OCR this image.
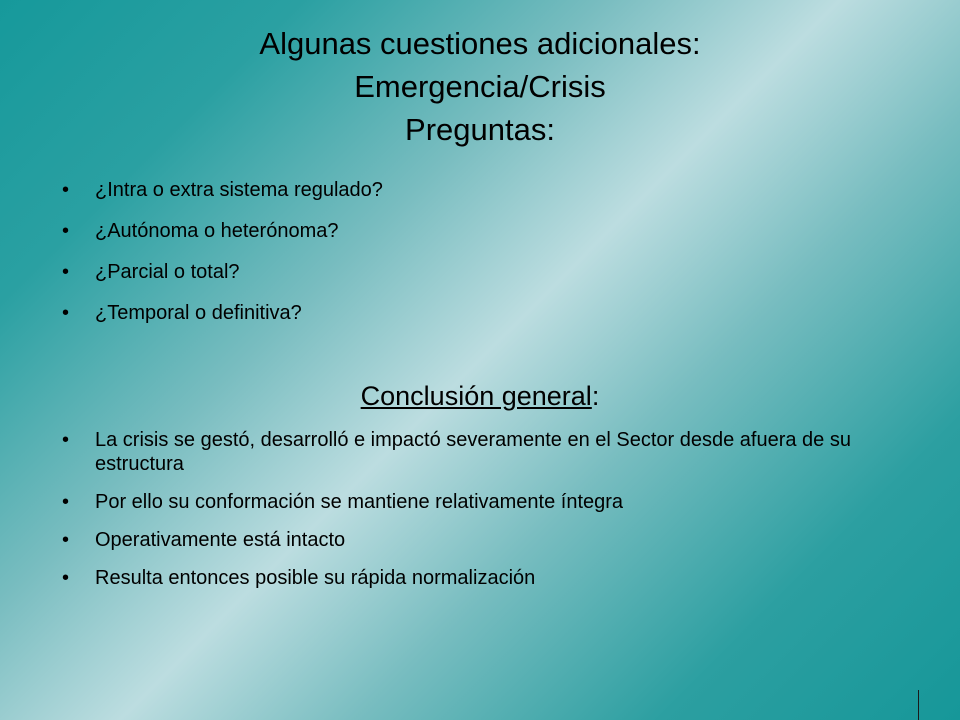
Algunas cuestiones adicionales:
Emergencia/Crisis
Preguntas:
• ¿Intra o extra sistema regulado?
• ¿Autónoma o heterónoma?
• ¿Parcial o total?
• ¿Temporal o definitiva?
Conclusión general:
• La crisis se gestó, desarrolló e impactó severamente en el Sector desde afuera de su estructura
• Por ello su conformación se mantiene relativamente íntegra
• Operativamente está intacto
• Resulta entonces posible su rápida normalización
